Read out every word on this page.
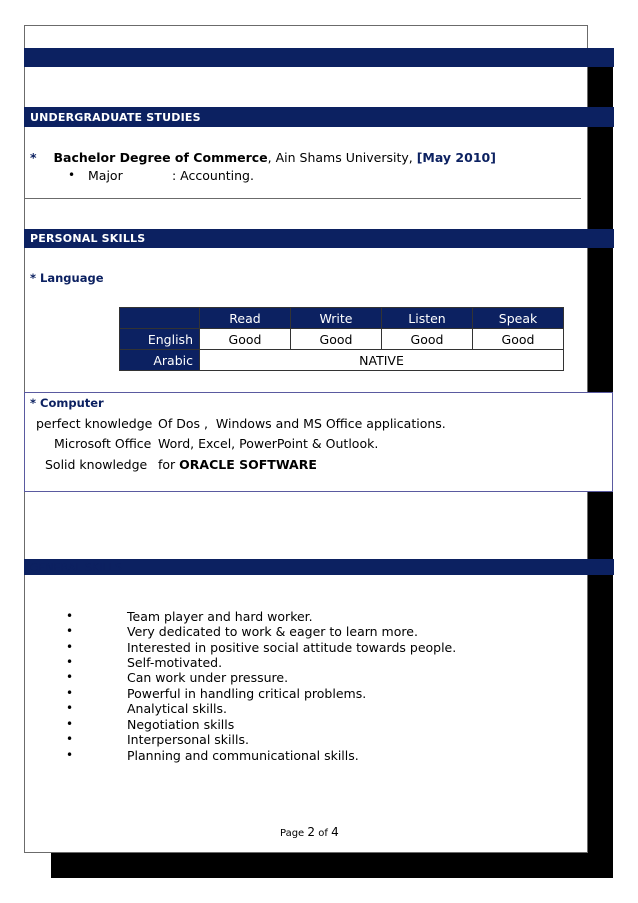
UNDERGRADUATE STUDIES
* Bachelor Degree of Commerce, Ain Shams University, [May 2010]
• Major	: Accounting.
PERSONAL SKILLS
* Language
	Read	Write	Listen	Speak
English	Good	Good	Good	Good
Arabic	NATIVE			
* Computer
perfect knowledge Of Dos ,  Windows and MS Office applications.
Microsoft Office Word, Excel, PowerPoint & Outlook.
Solid knowledge for ORACLE SOFTWARE
GENERAL SKILLS
•	Team player and hard worker.
•	Very dedicated to work & eager to learn more.
•	Interested in positive social attitude towards people.
•	Self-motivated.
•	Can work under pressure.
•	Powerful in handling critical problems.
•	Analytical skills.
•	Negotiation skills
•	Interpersonal skills.
•	Planning and communicational skills.
Page 2 of 4
